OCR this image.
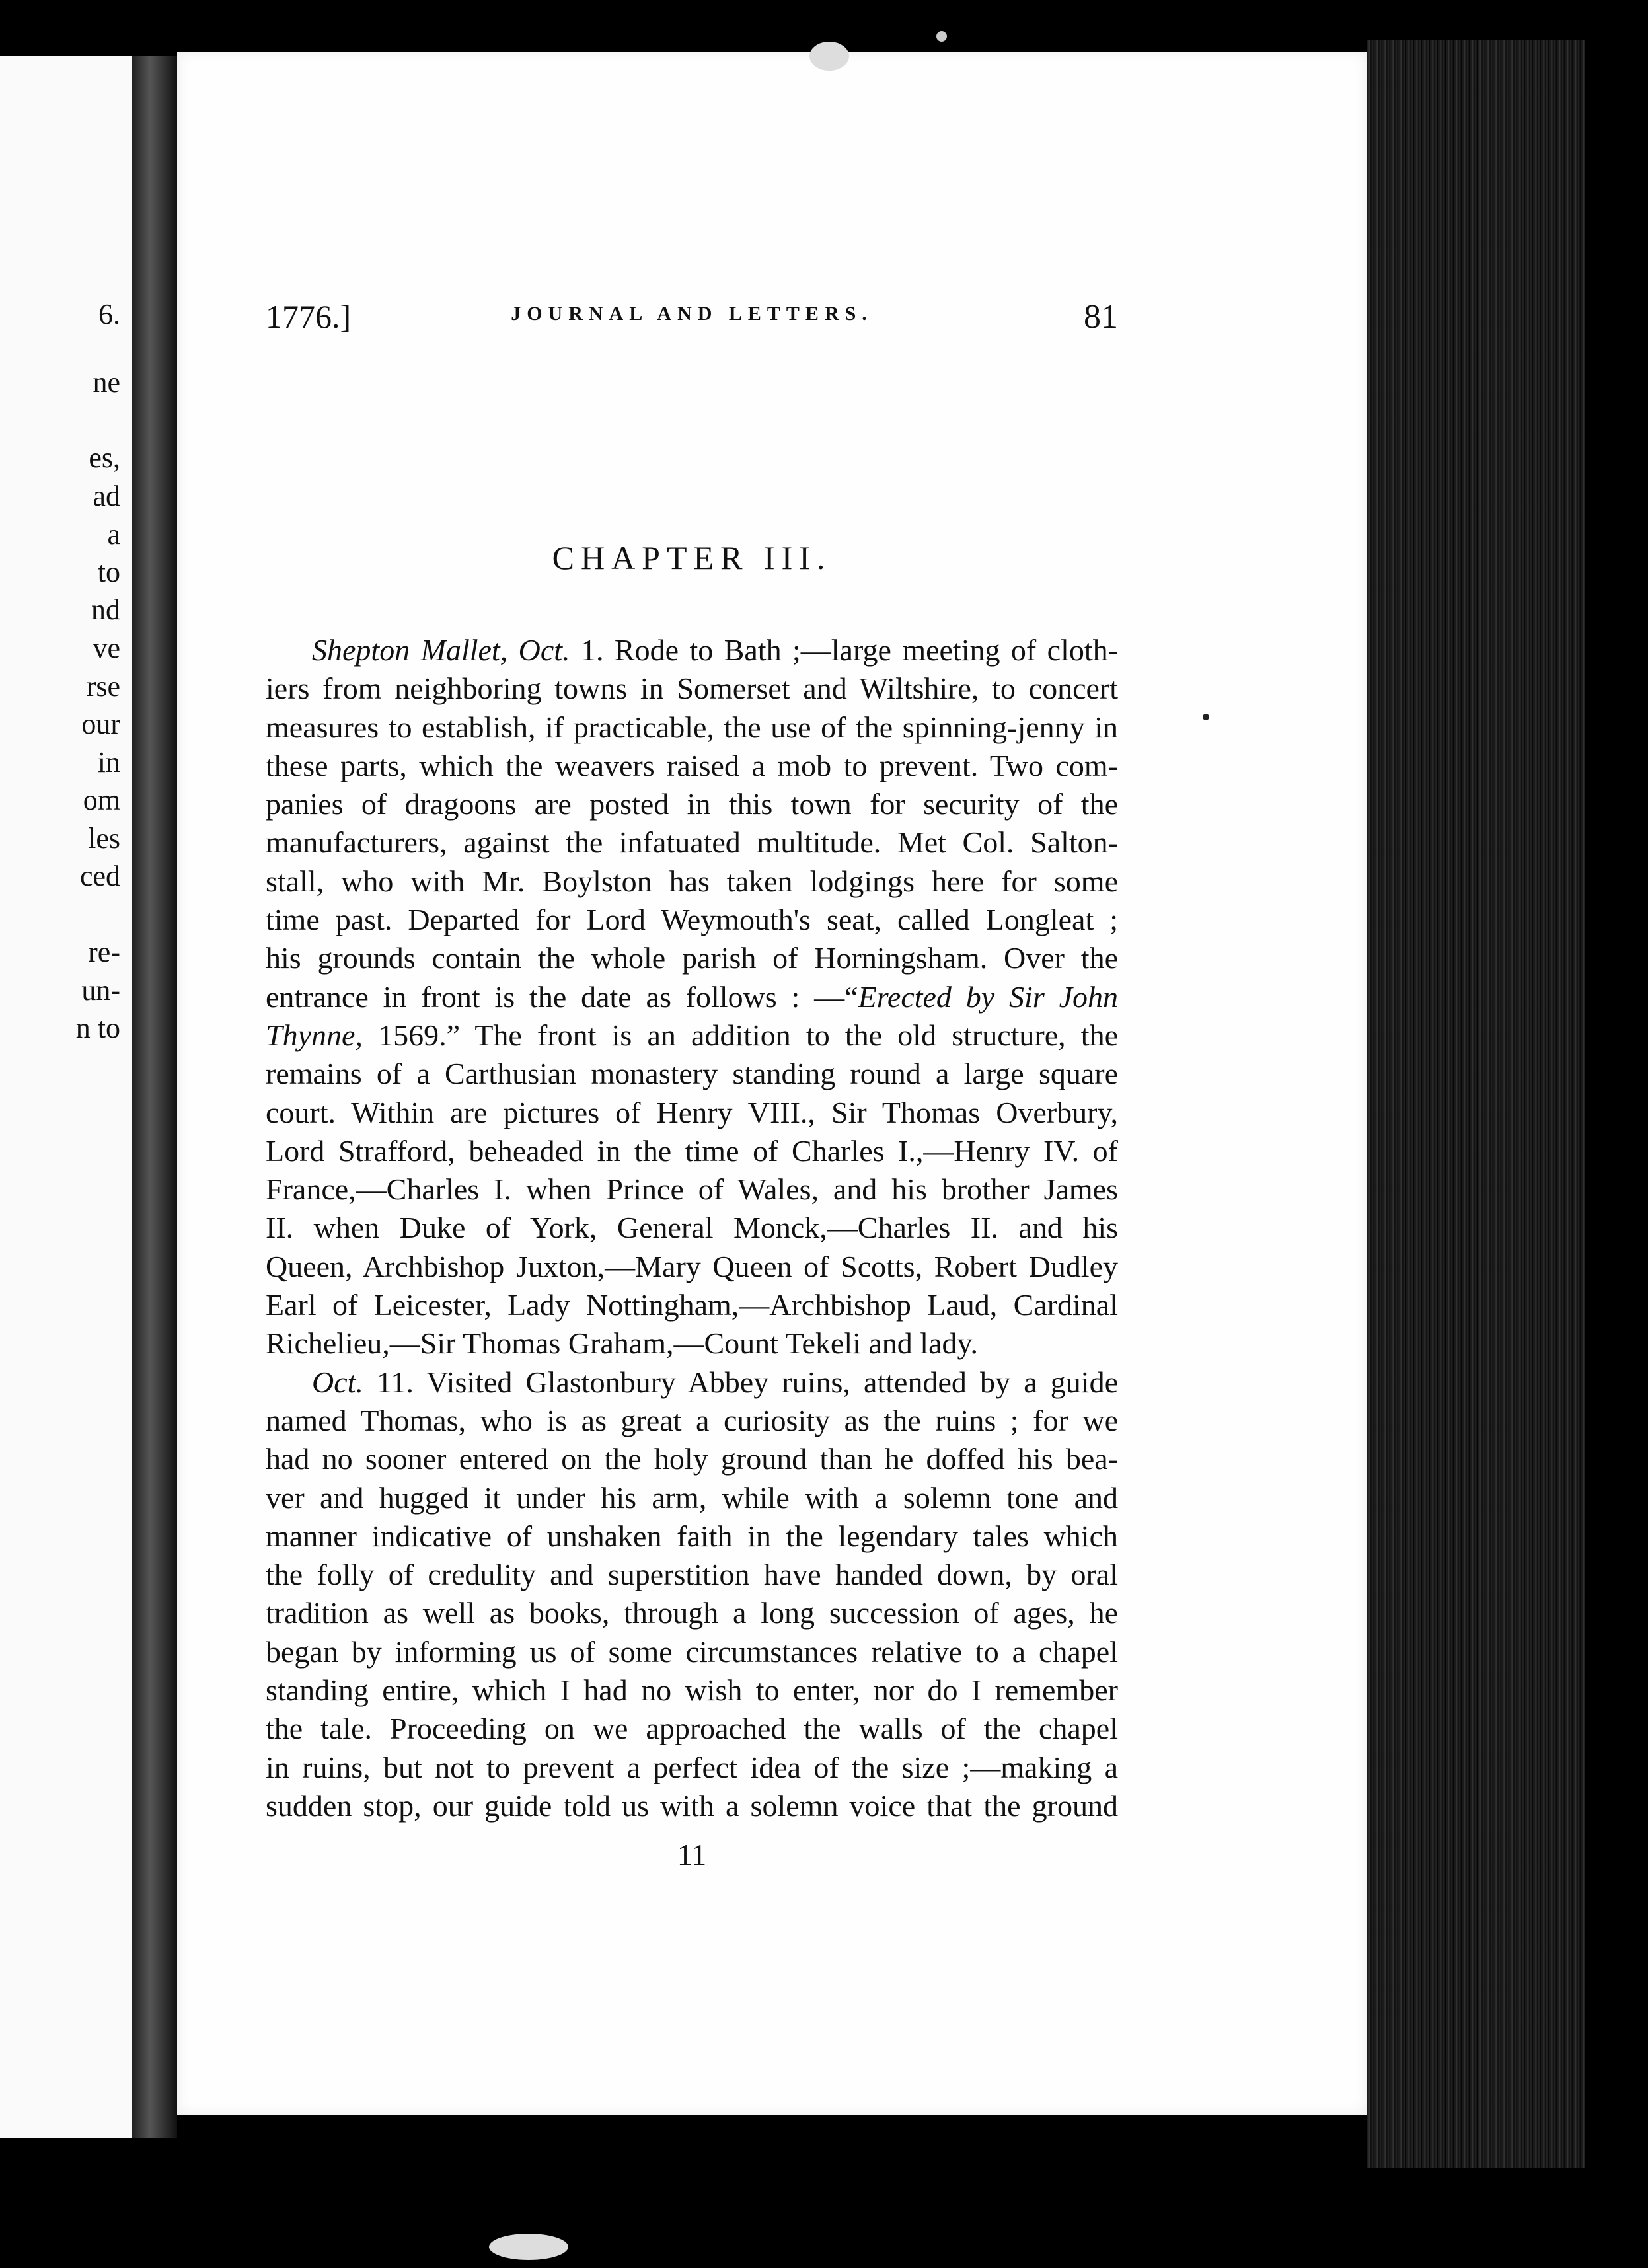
6.
ne
es,
ad
a
to
nd
ve
rse
our
in
om
les
ced
re-
un-
n to
1776.]	JOURNAL AND LETTERS.	81
CHAPTER III.
Shepton Mallet, Oct. 1. Rode to Bath ;—large meeting of cloth-
iers from neighboring towns in Somerset and Wiltshire, to concert
measures to establish, if practicable, the use of the spinning-jenny in
these parts, which the weavers raised a mob to prevent. Two com-
panies of dragoons are posted in this town for security of the
manufacturers, against the infatuated multitude. Met Col. Salton-
stall, who with Mr. Boylston has taken lodgings here for some
time past. Departed for Lord Weymouth's seat, called Longleat ;
his grounds contain the whole parish of Horningsham. Over the
entrance in front is the date as follows : —“Erected by Sir John
Thynne, 1569.” The front is an addition to the old structure, the
remains of a Carthusian monastery standing round a large square
court. Within are pictures of Henry VIII., Sir Thomas Overbury,
Lord Strafford, beheaded in the time of Charles I.,—Henry IV. of
France,—Charles I. when Prince of Wales, and his brother James
II. when Duke of York, General Monck,—Charles II. and his
Queen, Archbishop Juxton,—Mary Queen of Scotts, Robert Dudley
Earl of Leicester, Lady Nottingham,—Archbishop Laud, Cardinal
Richelieu,—Sir Thomas Graham,—Count Tekeli and lady.
Oct. 11. Visited Glastonbury Abbey ruins, attended by a guide
named Thomas, who is as great a curiosity as the ruins ; for we
had no sooner entered on the holy ground than he doffed his bea-
ver and hugged it under his arm, while with a solemn tone and
manner indicative of unshaken faith in the legendary tales which
the folly of credulity and superstition have handed down, by oral
tradition as well as books, through a long succession of ages, he
began by informing us of some circumstances relative to a chapel
standing entire, which I had no wish to enter, nor do I remember
the tale. Proceeding on we approached the walls of the chapel
in ruins, but not to prevent a perfect idea of the size ;—making a
sudden stop, our guide told us with a solemn voice that the ground
11
